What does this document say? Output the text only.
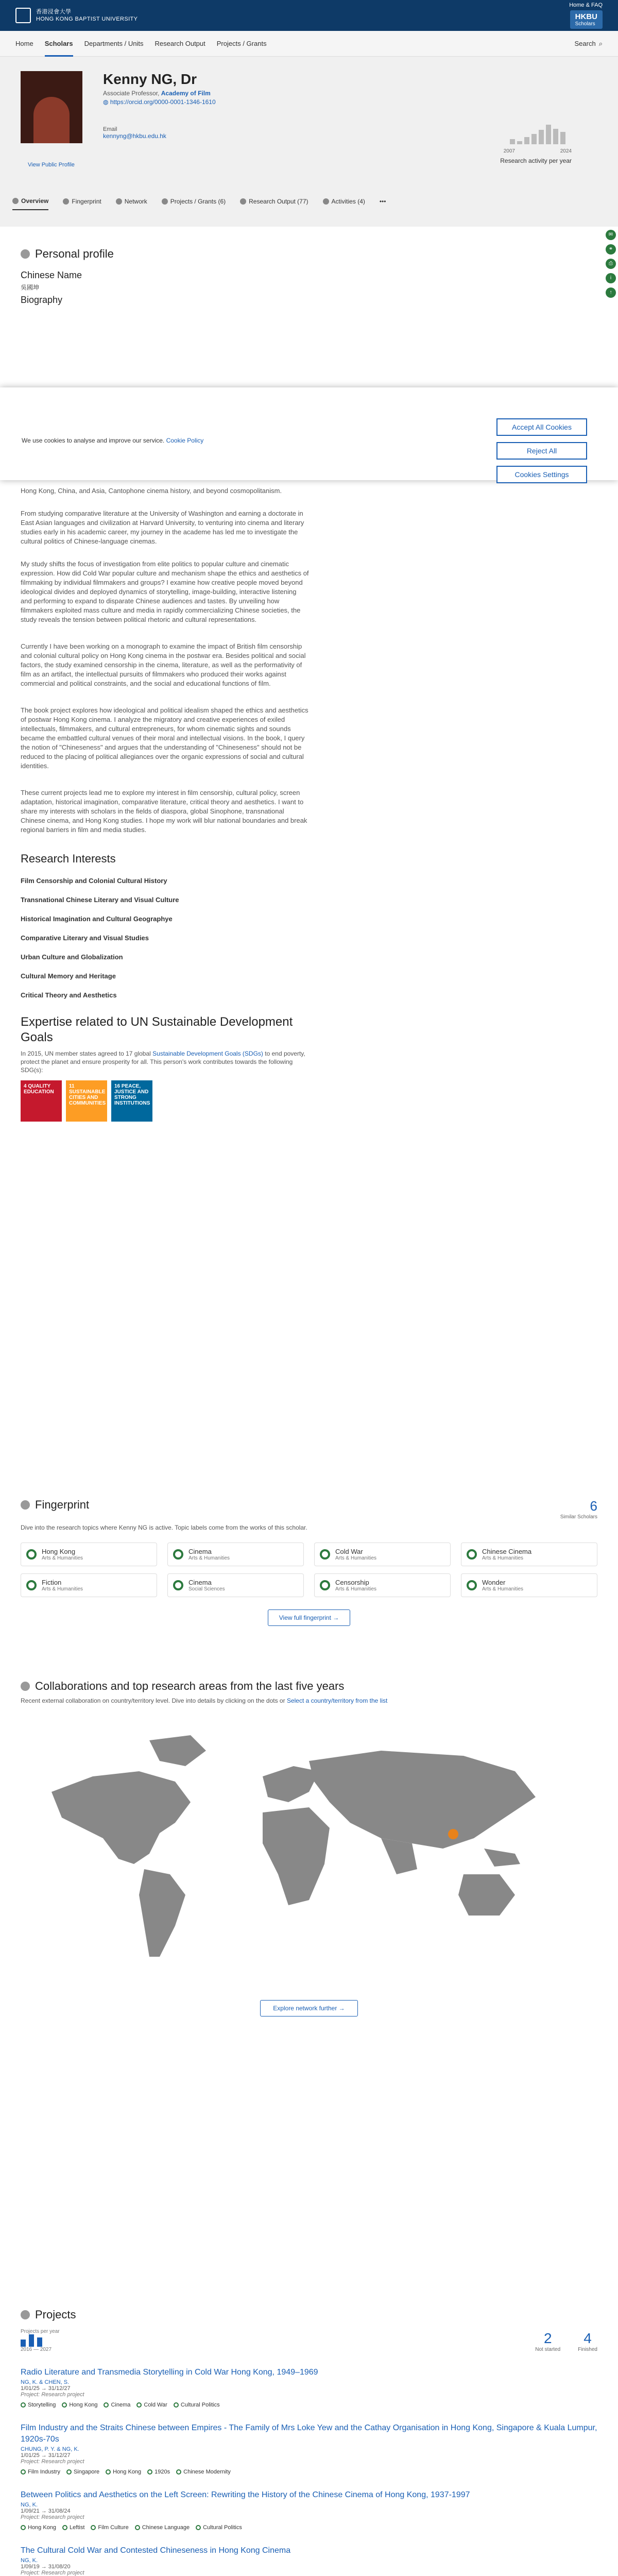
香港浸會大學
HONG KONG BAPTIST UNIVERSITY
Home & FAQ
HKBU
Scholars
Home Scholars Departments / Units Research Output Projects / Grants	Search ⌕
✉
⚭
⎙
i
↑
Kenny NG, Dr
Associate Professor, Academy of Film
◍ https://orcid.org/0000-0001-1346-1610
Email
kennyng@hkbu.edu.hk
View Public Profile
2007	2024
Research activity per year
Overview	Fingerprint	Network	Projects / Grants (6)	Research Output (77)	Activities (4) •••
Personal profile
Chinese Name
吳國坤
Biography
We use cookies to analyse and improve our service. Cookie Policy
Accept All Cookies
Reject All
Cookies Settings
Hong Kong, China, and Asia, Cantophone cinema history, and beyond cosmopolitanism.
From studying comparative literature at the University of Washington and earning a doctorate in East Asian languages and civilization at Harvard University, to venturing into cinema and literary studies early in his academic career, my journey in the academe has led me to investigate the cultural politics of Chinese-language cinemas.
My study shifts the focus of investigation from elite politics to popular culture and cinematic expression. How did Cold War popular culture and mechanism shape the ethics and aesthetics of filmmaking by individual filmmakers and groups? I examine how creative people moved beyond ideological divides and deployed dynamics of storytelling, image-building, interactive listening and performing to expand to disparate Chinese audiences and tastes. By unveiling how filmmakers exploited mass culture and media in rapidly commercializing Chinese societies, the study reveals the tension between political rhetoric and cultural representations.
Currently I have been working on a monograph to examine the impact of British film censorship and colonial cultural policy on Hong Kong cinema in the postwar era. Besides political and social factors, the study examined censorship in the cinema, literature, as well as the performativity of film as an artifact, the intellectual pursuits of filmmakers who produced their works against commercial and political constraints, and the social and educational functions of film.
The book project explores how ideological and political idealism shaped the ethics and aesthetics of postwar Hong Kong cinema. I analyze the migratory and creative experiences of exiled intellectuals, filmmakers, and cultural entrepreneurs, for whom cinematic sights and sounds became the embattled cultural venues of their moral and intellectual visions. In the book, I query the notion of "Chineseness" and argues that the understanding of "Chineseness" should not be reduced to the placing of political allegiances over the organic expressions of social and cultural identities.
These current projects lead me to explore my interest in film censorship, cultural policy, screen adaptation, historical imagination, comparative literature, critical theory and aesthetics. I want to share my interests with scholars in the fields of diaspora, global Sinophone, transnational Chinese cinema, and Hong Kong studies. I hope my work will blur national boundaries and break regional barriers in film and media studies.
Research Interests
Film Censorship and Colonial Cultural History
Transnational Chinese Literary and Visual Culture
Historical Imagination and Cultural Geographye
Comparative Literary and Visual Studies
Urban Culture and Globalization
Cultural Memory and Heritage
Critical Theory and Aesthetics
Expertise related to UN Sustainable Development Goals
In 2015, UN member states agreed to 17 global Sustainable Development Goals (SDGs) to end poverty, protect the planet and ensure prosperity for all. This person's work contributes towards the following SDG(s):
4 QUALITY EDUCATION
11 SUSTAINABLE CITIES AND COMMUNITIES
16 PEACE, JUSTICE AND STRONG INSTITUTIONS
Fingerprint	6
Similar Scholars
Dive into the research topics where Kenny NG is active. Topic labels come from the works of this scholar.
Hong Kong
Arts & Humanities
Cinema
Arts & Humanities
Cold War
Arts & Humanities
Chinese Cinema
Arts & Humanities
Fiction
Arts & Humanities
Cinema
Social Sciences
Censorship
Arts & Humanities
Wonder
Arts & Humanities
View full fingerprint →
Collaborations and top research areas from the last five years
Recent external collaboration on country/territory level. Dive into details by clicking on the dots or Select a country/territory from the list
Explore network further →
Projects
Projects per year
2016 — 2027
2
Not started
4
Finished
Radio Literature and Transmedia Storytelling in Cold War Hong Kong, 1949–1969
NG, K. & CHEN, S.
1/01/25 → 31/12/27
Project: Research project
Storytelling Hong Kong Cinema Cold War Cultural Politics
Film Industry and the Straits Chinese between Empires - The Family of Mrs Loke Yew and the Cathay Organisation in Hong Kong, Singapore & Kuala Lumpur, 1920s-70s
CHUNG, P. Y. & NG, K.
1/01/25 → 31/12/27
Project: Research project
Film Industry Singapore Hong Kong 1920s Chinese Modernity
Between Politics and Aesthetics on the Left Screen: Rewriting the History of the Chinese Cinema of Hong Kong, 1937-1997
NG, K.
1/09/21 → 31/08/24
Project: Research project
Hong Kong Leftist Film Culture Chinese Language Cultural Politics
The Cultural Cold War and Contested Chineseness in Hong Kong Cinema
NG, K.
1/09/19 → 31/08/20
Project: Research project
